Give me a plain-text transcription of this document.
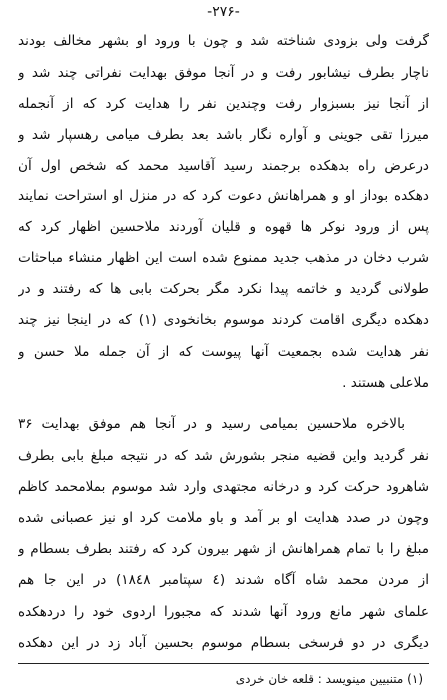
-۲۷۶-
گرفت ولی بزودی شناخته شد و چون با ورود او بشهر مخالف بودند
ناچار بطرف نیشابور رفت و در آنجا موفق بهدایت نفراتی چند شد و
از آنجا نیز بسبزوار رفت وچندین نفر را هدایت کرد که از آنجمله
میرزا تقی جوینی و آواره نگار باشد بعد بطرف میامی رهسپار شد و
درعرض راه بدهکده برجمند رسید آقاسید محمد که شخص اول آن
دهکده بوداز او و همراهانش دعوت کرد که در منزل او استراحت نمایند
پس از ورود نوکر ها قهوه و قلیان آوردند ملاحسین اظهار کرد که
شرب دخان در مذهب جدید ممنوع شده است این اظهار منشاء مباحثات
طولانی گردید و خاتمه پیدا نکرد مگر بحرکت بابی ها که رفتند و در
دهکده دیگری اقامت کردند موسوم بخانخودی (۱) که در اینجا نیز چند
نفر هدایت شده بجمعیت آنها پیوست که از آن جمله ملا حسن و
ملاعلی هستند .
بالاخره ملاحسین بمیامی رسید و در آنجا هم موفق بهدایت ۳۶
نفر گردید واین قضیه منجر بشورش شد که در نتیجه مبلغ بابی بطرف
شاهرود حرکت کرد و درخانه مجتهدی وارد شد موسوم بملامحمد کاظم
وچون در صدد هدایت او بر آمد و باو ملامت کرد او نیز عصبانی شده
مبلغ را با تمام همراهانش از شهر بیرون کرد که رفتند بطرف بسطام و
از مردن محمد شاه آگاه شدند (٤ سپتامبر ۱۸٤۸) در این جا هم
علمای شهر مانع ورود آنها شدند که مجبورا اردوی خود را دردهکده
دیگری در دو فرسخی بسطام موسوم بحسین آباد زد در این دهکده
(۱) متنبیین مینویسد : قلعه خان خردی
